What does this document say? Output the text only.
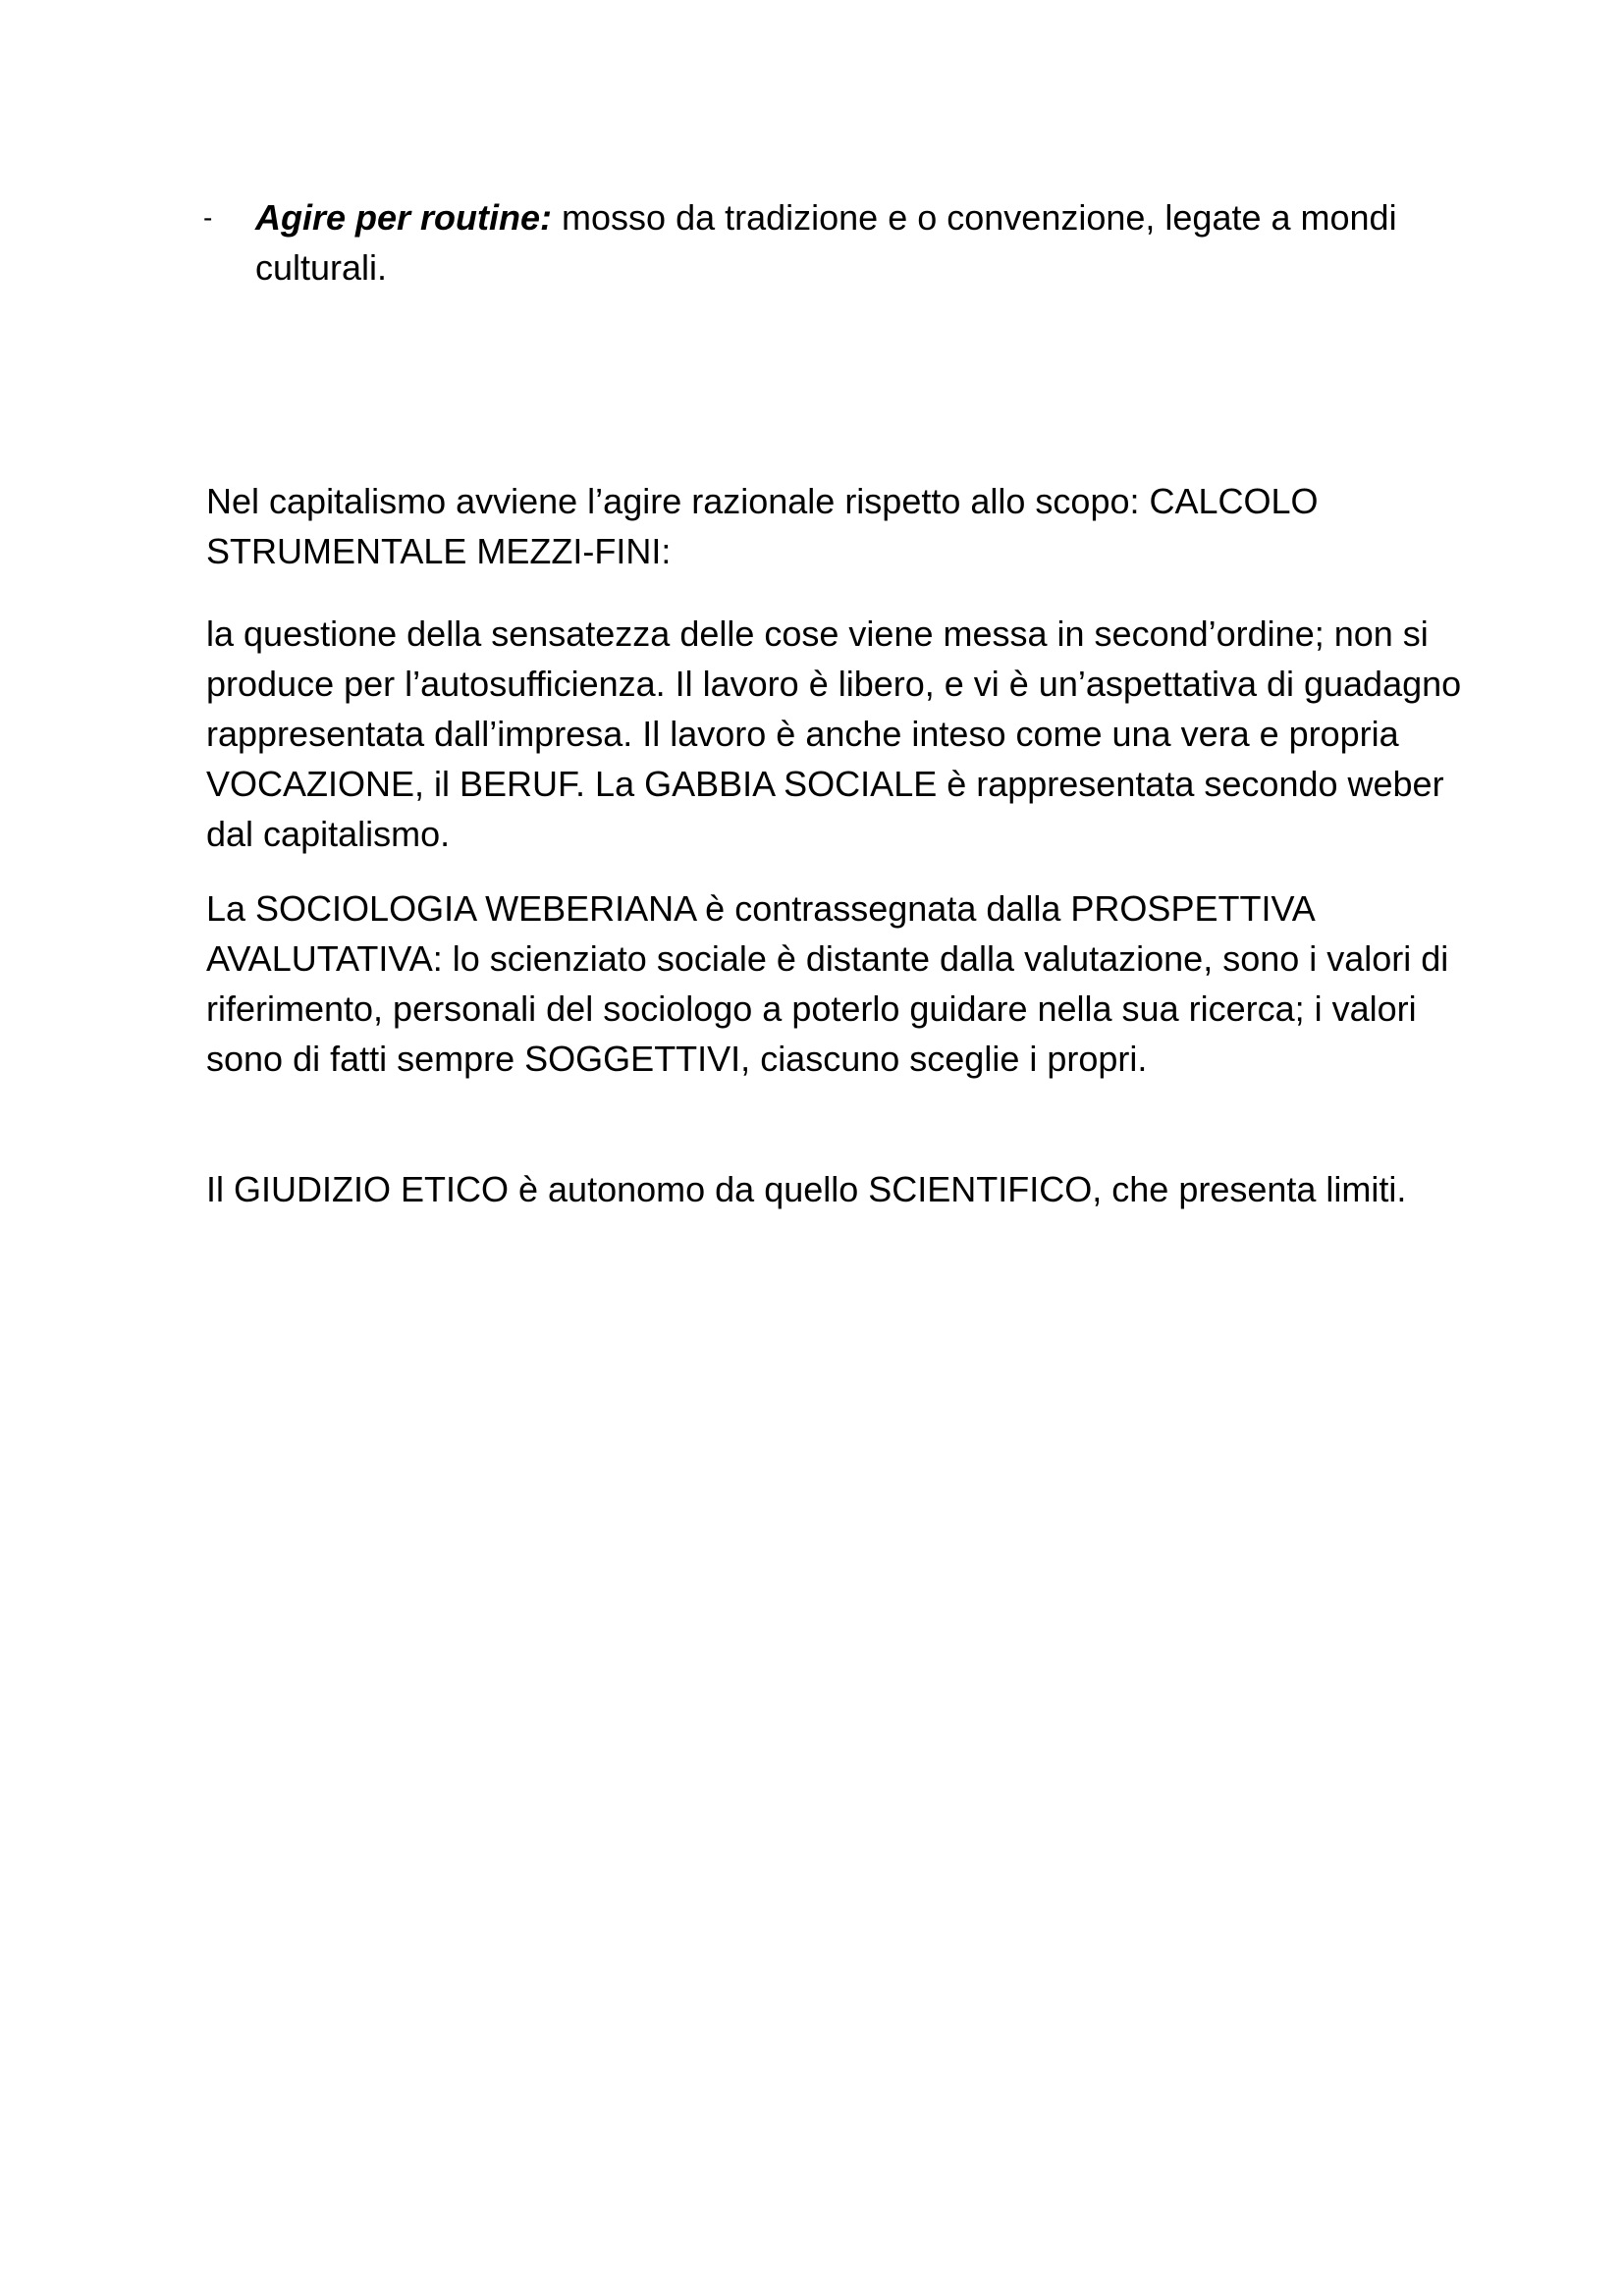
- Agire per routine: mosso da tradizione e o convenzione, legate a mondi culturali.

Nel capitalismo avviene l’agire razionale rispetto allo scopo: CALCOLO STRUMENTALE MEZZI-FINI:

la questione della sensatezza delle cose viene messa in second’ordine; non si produce per l’autosufficienza. Il lavoro è libero, e vi è un’aspettativa di guadagno rappresentata dall’impresa. Il lavoro è anche inteso come una vera e propria VOCAZIONE, il BERUF. La GABBIA SOCIALE è rappresentata secondo weber dal capitalismo.

La SOCIOLOGIA WEBERIANA è contrassegnata dalla PROSPETTIVA AVALUTATIVA: lo scienziato sociale è distante dalla valutazione, sono i valori di riferimento, personali del sociologo a poterlo guidare nella sua ricerca; i valori sono di fatti sempre SOGGETTIVI, ciascuno sceglie i propri.

Il GIUDIZIO ETICO è autonomo da quello SCIENTIFICO, che presenta limiti.
